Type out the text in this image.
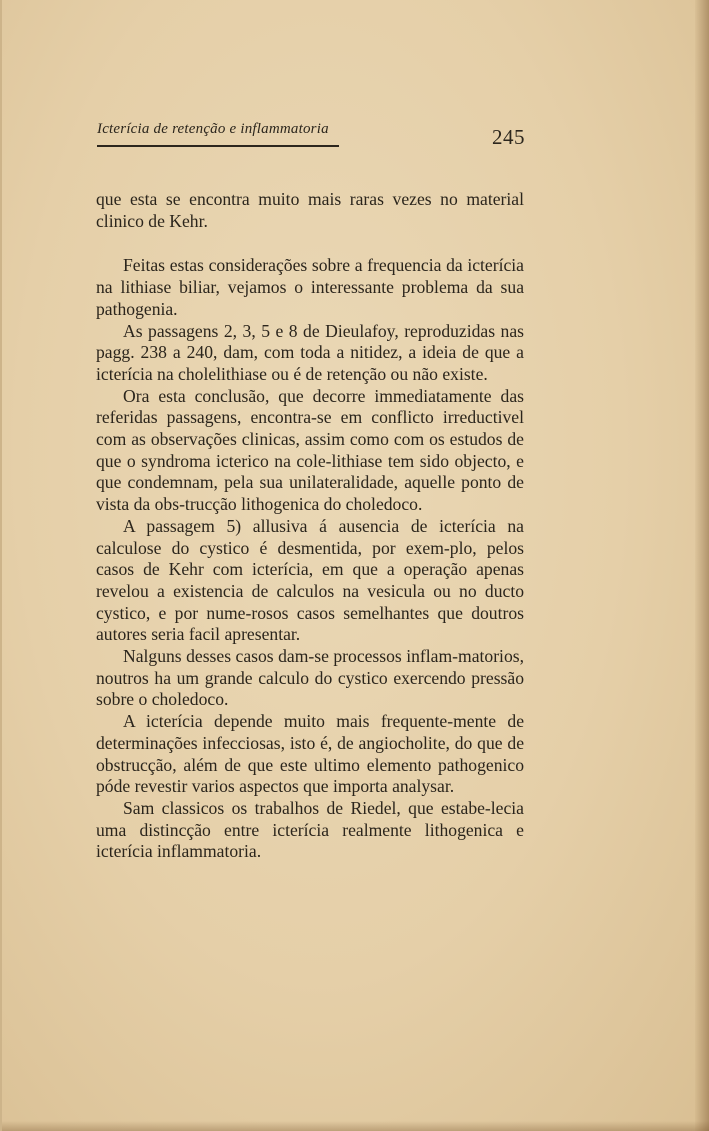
Icterícia de retenção e inflammatoria	245

que esta se encontra muito mais raras vezes no material clinico de Kehr.

Feitas estas considerações sobre a frequencia da icterícia na lithiase biliar, vejamos o interessante problema da sua pathogenia.

As passagens 2, 3, 5 e 8 de Dieulafoy, reproduzidas nas pagg. 238 a 240, dam, com toda a nitidez, a ideia de que a icterícia na cholelithiase ou é de retenção ou não existe.

Ora esta conclusão, que decorre immediatamente das referidas passagens, encontra-se em conflicto irreductivel com as observações clinicas, assim como com os estudos de que o syndroma icterico na cole-lithiase tem sido objecto, e que condemnam, pela sua unilateralidade, aquelle ponto de vista da obs-trucção lithogenica do choledoco.

A passagem 5) allusiva á ausencia de icterícia na calculose do cystico é desmentida, por exem-plo, pelos casos de Kehr com icterícia, em que a operação apenas revelou a existencia de calculos na vesicula ou no ducto cystico, e por nume-rosos casos semelhantes que doutros autores seria facil apresentar.

Nalguns desses casos dam-se processos inflam-matorios, noutros ha um grande calculo do cystico exercendo pressão sobre o choledoco.

A icterícia depende muito mais frequente-mente de determinações infecciosas, isto é, de angiocholite, do que de obstrucção, além de que este ultimo elemento pathogenico póde revestir varios aspectos que importa analysar.

Sam classicos os trabalhos de Riedel, que estabe-lecia uma distincção entre icterícia realmente lithogenica e icterícia inflammatoria.
